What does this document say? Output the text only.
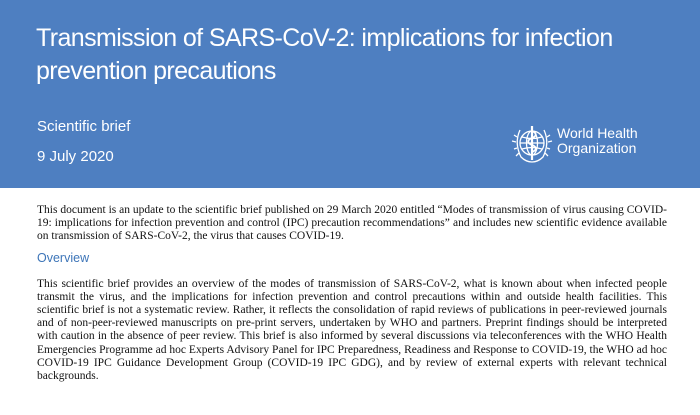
Transmission of SARS-CoV-2: implications for infection prevention precautions

Scientific brief

9 July 2020

World Health
Organization

This document is an update to the scientific brief published on 29 March 2020 entitled “Modes of transmission of virus causing COVID-19: implications for infection prevention and control (IPC) precaution recommendations” and includes new scientific evidence available on transmission of SARS-CoV-2, the virus that causes COVID-19.

Overview

This scientific brief provides an overview of the modes of transmission of SARS-CoV-2, what is known about when infected people transmit the virus, and the implications for infection prevention and control precautions within and outside health facilities. This scientific brief is not a systematic review. Rather, it reflects the consolidation of rapid reviews of publications in peer-reviewed journals and of non-peer-reviewed manuscripts on pre-print servers, undertaken by WHO and partners. Preprint findings should be interpreted with caution in the absence of peer review. This brief is also informed by several discussions via teleconferences with the WHO Health Emergencies Programme ad hoc Experts Advisory Panel for IPC Preparedness, Readiness and Response to COVID-19, the WHO ad hoc COVID-19 IPC Guidance Development Group (COVID-19 IPC GDG), and by review of external experts with relevant technical backgrounds.
